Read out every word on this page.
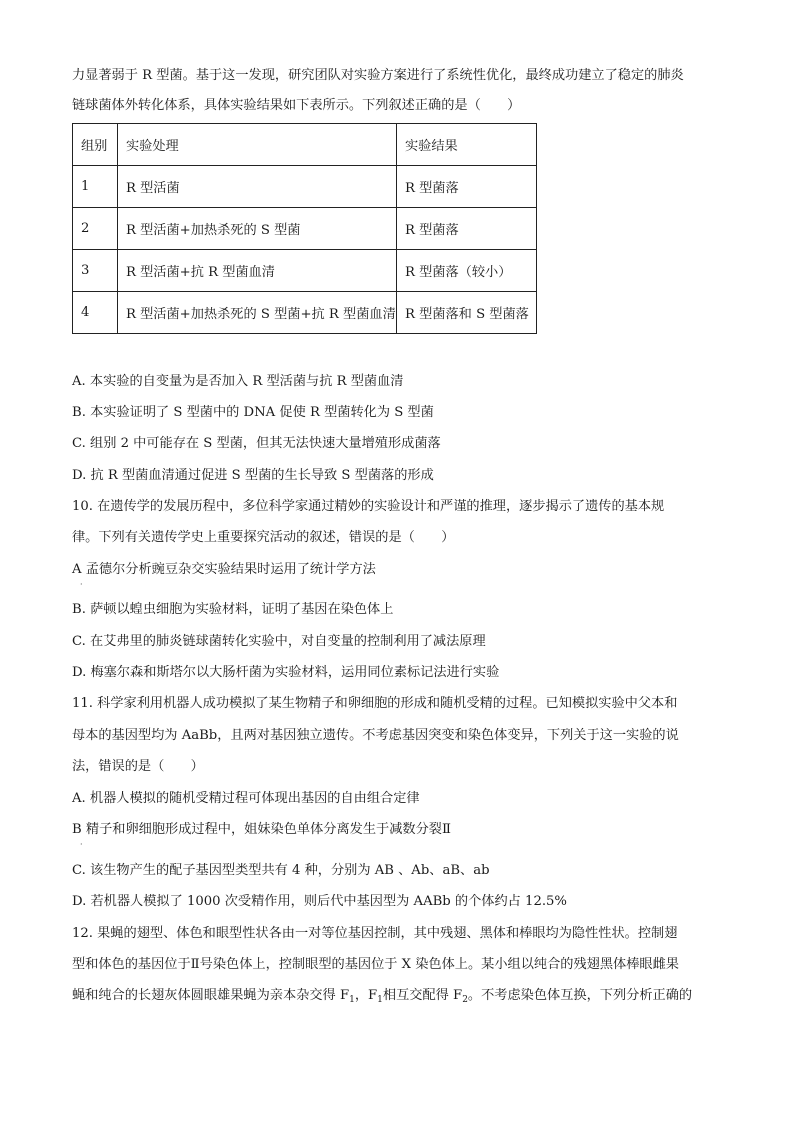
力显著弱于 R 型菌。基于这一发现，研究团队对实验方案进行了系统性优化，最终成功建立了稳定的肺炎
链球菌体外转化体系，具体实验结果如下表所示。下列叙述正确的是（　　）
组别	实验处理	实验结果
1	R 型活菌	R 型菌落
2	R 型活菌+加热杀死的 S 型菌	R 型菌落
3	R 型活菌+抗 R 型菌血清	R 型菌落（较小）
4	R 型活菌+加热杀死的 S 型菌+抗 R 型菌血清	R 型菌落和 S 型菌落
A. 本实验的自变量为是否加入 R 型活菌与抗 R 型菌血清
B. 本实验证明了 S 型菌中的 DNA 促使 R 型菌转化为 S 型菌
C. 组别 2 中可能存在 S 型菌，但其无法快速大量增殖形成菌落
D. 抗 R 型菌血清通过促进 S 型菌的生长导致 S 型菌落的形成
10. 在遗传学的发展历程中，多位科学家通过精妙的实验设计和严谨的推理，逐步揭示了遗传的基本规
律。下列有关遗传学史上重要探究活动的叙述，错误的是（　　）
A 孟德尔分析豌豆杂交实验结果时运用了统计学方法
·
B. 萨顿以蝗虫细胞为实验材料，证明了基因在染色体上
C. 在艾弗里的肺炎链球菌转化实验中，对自变量的控制利用了减法原理
D. 梅塞尔森和斯塔尔以大肠杆菌为实验材料，运用同位素标记法进行实验
11. 科学家利用机器人成功模拟了某生物精子和卵细胞的形成和随机受精的过程。已知模拟实验中父本和
母本的基因型均为 AaBb，且两对基因独立遗传。不考虑基因突变和染色体变异，下列关于这一实验的说
法，错误的是（　　）
A. 机器人模拟的随机受精过程可体现出基因的自由组合定律
B 精子和卵细胞形成过程中，姐妹染色单体分离发生于减数分裂Ⅱ
·
C. 该生物产生的配子基因型类型共有 4 种，分别为 AB 、Ab、aB、ab
D. 若机器人模拟了 1000 次受精作用，则后代中基因型为 AABb 的个体约占 12.5%
12. 果蝇的翅型、体色和眼型性状各由一对等位基因控制，其中残翅、黑体和棒眼均为隐性性状。控制翅
型和体色的基因位于Ⅱ号染色体上，控制眼型的基因位于 X 染色体上。某小组以纯合的残翅黑体棒眼雌果
蝇和纯合的长翅灰体圆眼雄果蝇为亲本杂交得 $F_1$，$F_1$相互交配得 $F_2$。不考虑染色体互换，下列分析正确的
